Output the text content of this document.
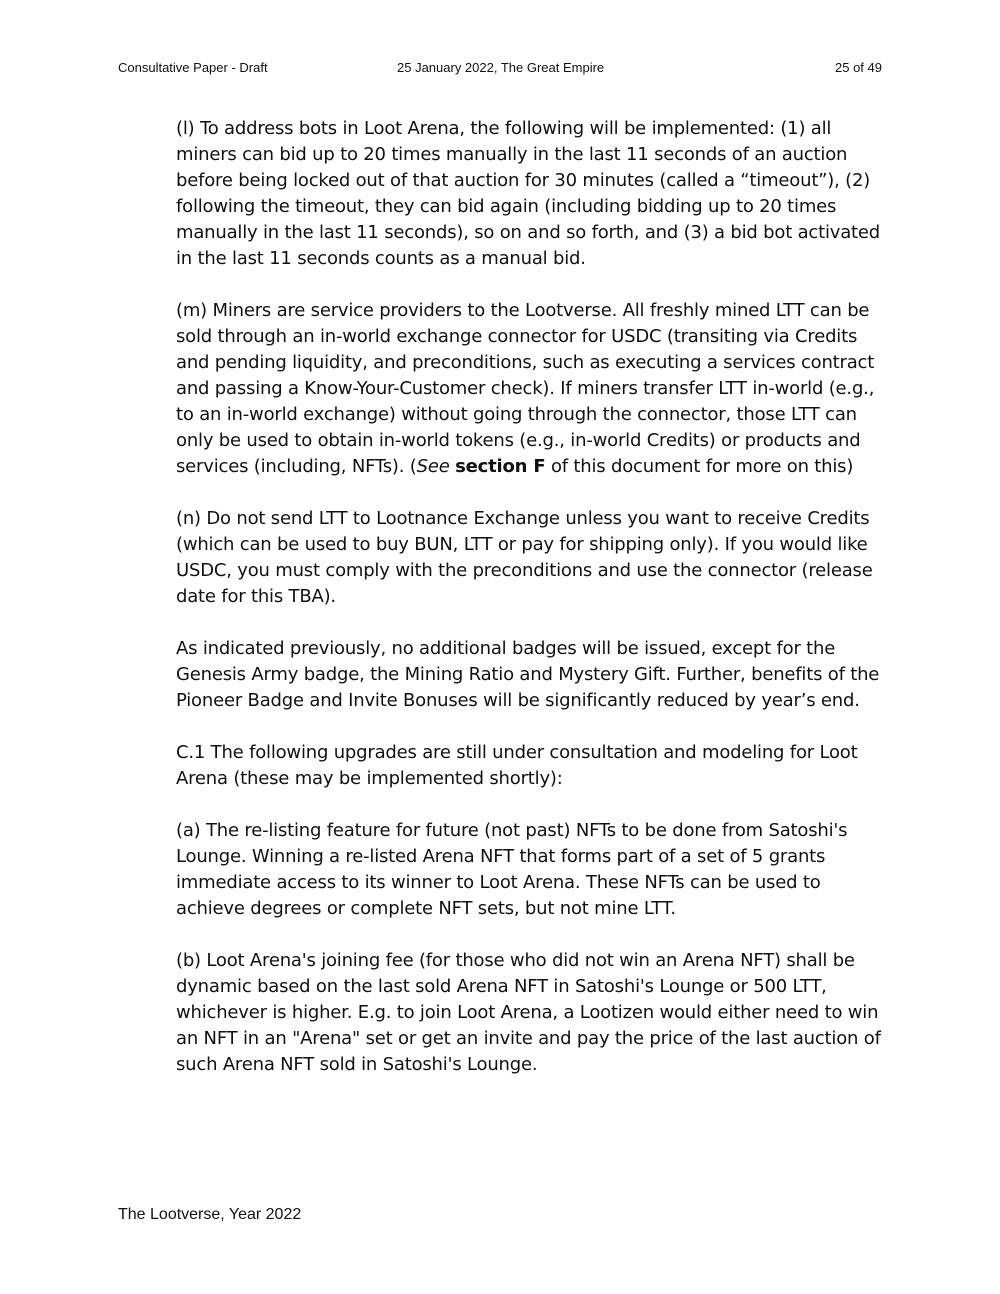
Consultative Paper - Draft	25 January 2022, The Great Empire	25 of 49

(l) To address bots in Loot Arena, the following will be implemented: (1) all miners can bid up to 20 times manually in the last 11 seconds of an auction before being locked out of that auction for 30 minutes (called a “timeout”), (2) following the timeout, they can bid again (including bidding up to 20 times manually in the last 11 seconds), so on and so forth, and (3) a bid bot activated in the last 11 seconds counts as a manual bid.

(m) Miners are service providers to the Lootverse. All freshly mined LTT can be sold through an in-world exchange connector for USDC (transiting via Credits and pending liquidity, and preconditions, such as executing a services contract and passing a Know-Your-Customer check). If miners transfer LTT in-world (e.g., to an in-world exchange) without going through the connector, those LTT can only be used to obtain in-world tokens (e.g., in-world Credits) or products and services (including, NFTs). (See section F of this document for more on this)

(n) Do not send LTT to Lootnance Exchange unless you want to receive Credits (which can be used to buy BUN, LTT or pay for shipping only). If you would like USDC, you must comply with the preconditions and use the connector (release date for this TBA).

As indicated previously, no additional badges will be issued, except for the Genesis Army badge, the Mining Ratio and Mystery Gift. Further, benefits of the Pioneer Badge and Invite Bonuses will be significantly reduced by year’s end.

C.1 The following upgrades are still under consultation and modeling for Loot Arena (these may be implemented shortly):

(a) The re-listing feature for future (not past) NFTs to be done from Satoshi's Lounge. Winning a re-listed Arena NFT that forms part of a set of 5 grants immediate access to its winner to Loot Arena. These NFTs can be used to achieve degrees or complete NFT sets, but not mine LTT.

(b) Loot Arena's joining fee (for those who did not win an Arena NFT) shall be dynamic based on the last sold Arena NFT in Satoshi's Lounge or 500 LTT, whichever is higher. E.g. to join Loot Arena, a Lootizen would either need to win an NFT in an "Arena" set or get an invite and pay the price of the last auction of such Arena NFT sold in Satoshi's Lounge.

The Lootverse, Year 2022
